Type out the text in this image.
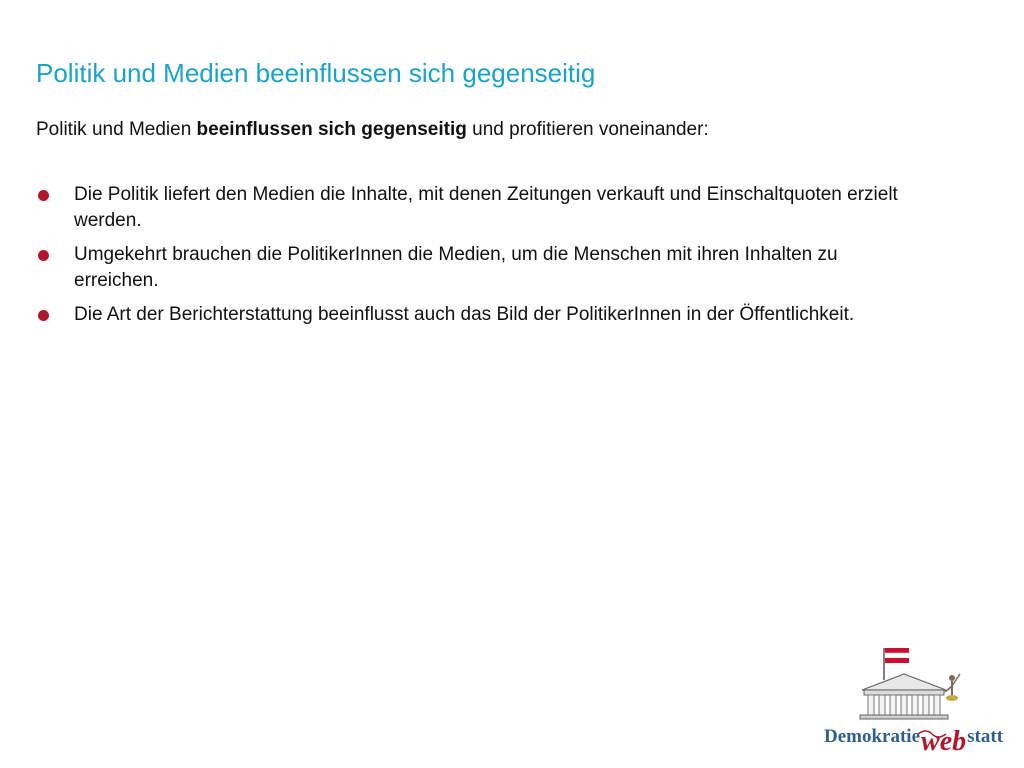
Politik und Medien beeinflussen sich gegenseitig
Politik und Medien beeinflussen sich gegenseitig und profitieren voneinander:
Die Politik liefert den Medien die Inhalte, mit denen Zeitungen verkauft und Einschaltquoten erzielt werden.
Umgekehrt brauchen die PolitikerInnen die Medien, um die Menschen mit ihren Inhalten zu erreichen.
Die Art der Berichterstattung beeinflusst auch das Bild der PolitikerInnen in der Öffentlichkeit.
Demokratiewebstatt
